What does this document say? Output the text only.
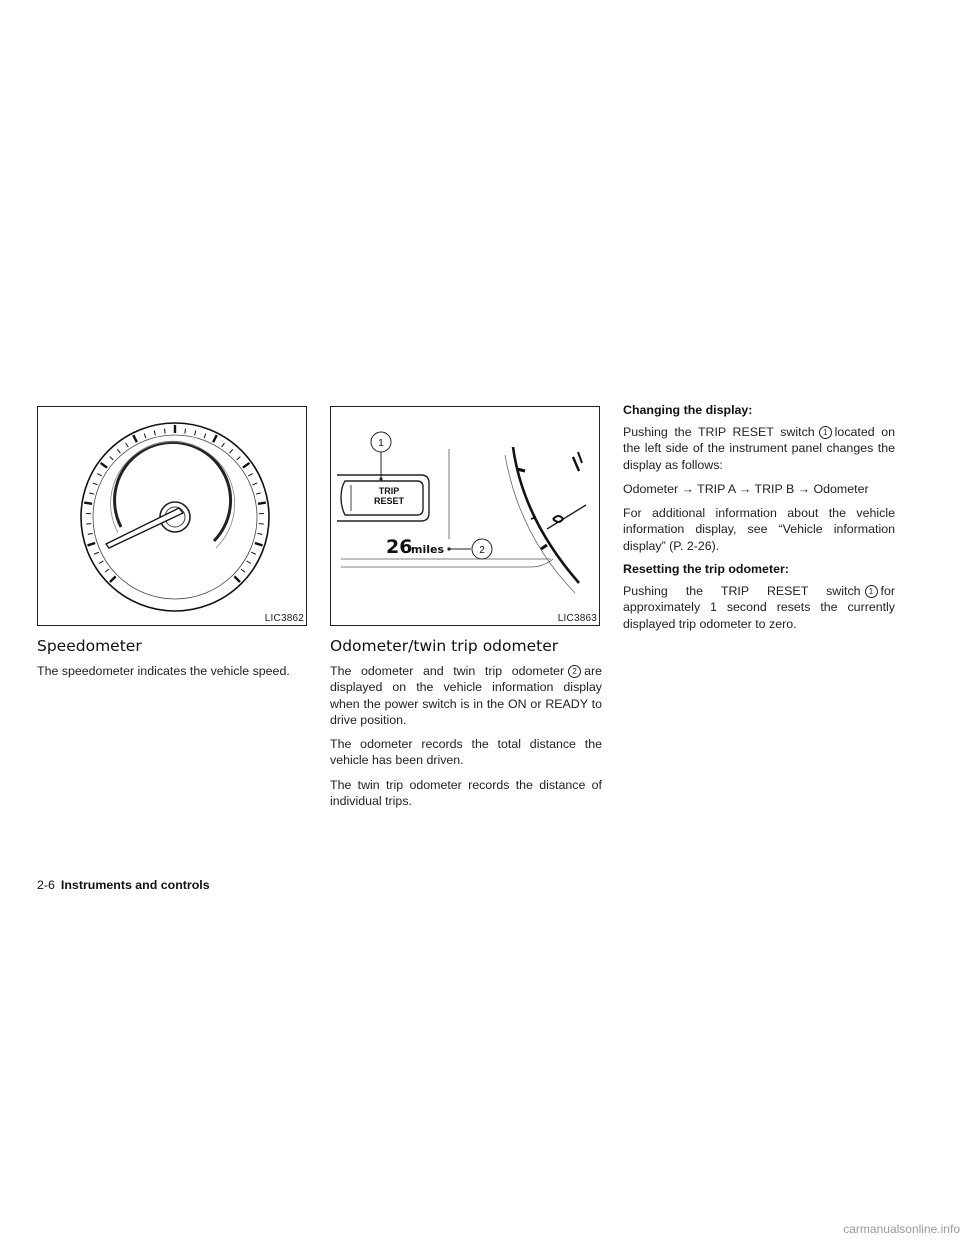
LIC3862
Speedometer

The speedometer indicates the vehicle speed.

TRIP
RESET
1
26
miles	2
LIC3863
Odometer/twin trip odometer

The odometer and twin trip odometer 2 are displayed on the vehicle information display when the power switch is in the ON or READY to drive position.

The odometer records the total distance the vehicle has been driven.

The twin trip odometer records the distance of individual trips.

Changing the display:

Pushing the TRIP RESET switch 1 located on the left side of the instrument panel changes the display as follows:

Odometer → TRIP A → TRIP B → Odometer

For additional information about the vehicle information display, see “Vehicle information display” (P. 2-26).

Resetting the trip odometer:

Pushing the TRIP RESET switch 1 for approximately 1 second resets the currently displayed trip odometer to zero.

2-6 Instruments and controls
carmanualsonline.info
